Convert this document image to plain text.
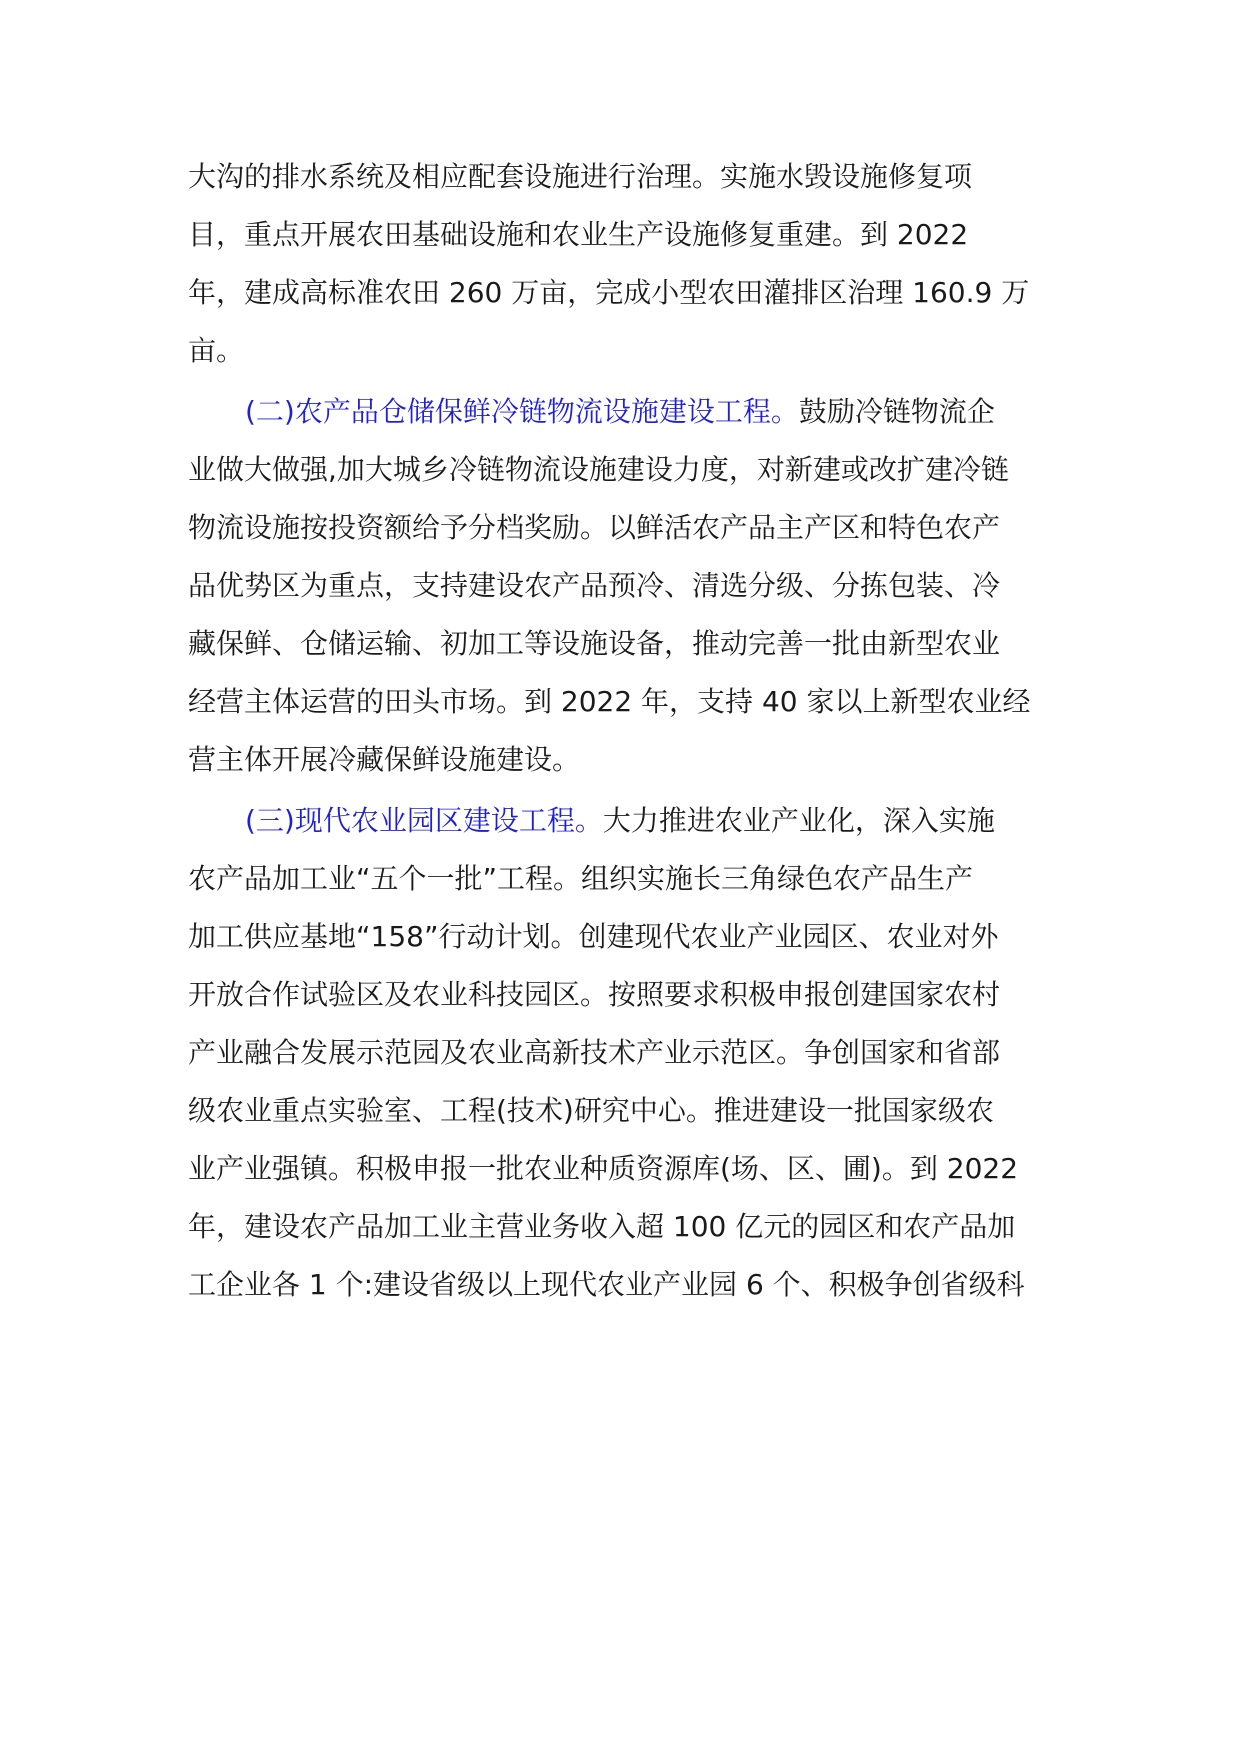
大沟的排水系统及相应配套设施进行治理。实施水毁设施修复项
目，重点开展农田基础设施和农业生产设施修复重建。到 2022
年，建成高标准农田 260 万亩，完成小型农田灌排区治理 160.9 万
亩。
(二)农产品仓储保鲜冷链物流设施建设工程。鼓励冷链物流企
业做大做强,加大城乡冷链物流设施建设力度，对新建或改扩建冷链
物流设施按投资额给予分档奖励。以鲜活农产品主产区和特色农产
品优势区为重点，支持建设农产品预冷、清选分级、分拣包装、冷
藏保鲜、仓储运输、初加工等设施设备，推动完善一批由新型农业
经营主体运营的田头市场。到 2022 年，支持 40 家以上新型农业经
营主体开展冷藏保鲜设施建设。
(三)现代农业园区建设工程。大力推进农业产业化，深入实施
农产品加工业“五个一批”工程。组织实施长三角绿色农产品生产
加工供应基地“158”行动计划。创建现代农业产业园区、农业对外
开放合作试验区及农业科技园区。按照要求积极申报创建国家农村
产业融合发展示范园及农业高新技术产业示范区。争创国家和省部
级农业重点实验室、工程(技术)研究中心。推进建设一批国家级农
业产业强镇。积极申报一批农业种质资源库(场、区、圃)。到 2022
年，建设农产品加工业主营业务收入超 100 亿元的园区和农产品加
工企业各 1 个:建设省级以上现代农业产业园 6 个、积极争创省级科
